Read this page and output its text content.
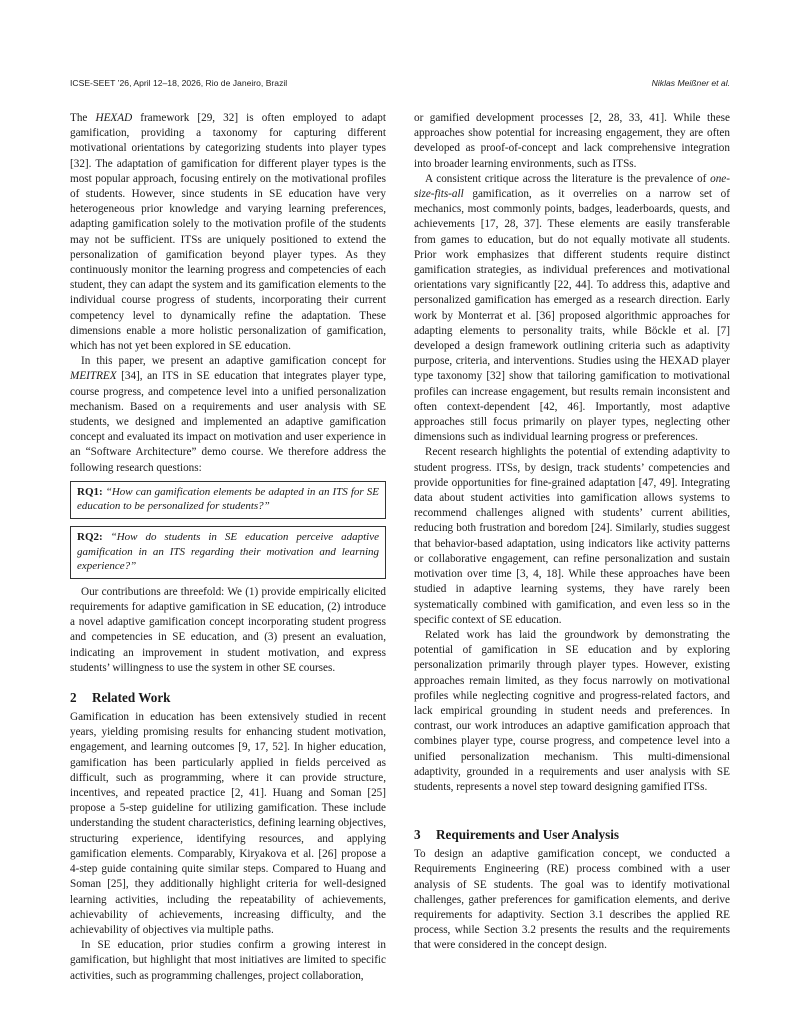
ICSE-SEET ’26, April 12–18, 2026, Rio de Janeiro, Brazil	Niklas Meißner et al.

The HEXAD framework [29, 32] is often employed to adapt gamification, providing a taxonomy for capturing different motivational orientations by categorizing students into player types [32]. The adaptation of gamification for different player types is the most popular approach, focusing entirely on the motivational profiles of students. However, since students in SE education have very heterogeneous prior knowledge and varying learning preferences, adapting gamification solely to the motivation profile of the students may not be sufficient. ITSs are uniquely positioned to extend the personalization of gamification beyond player types. As they continuously monitor the learning progress and competencies of each student, they can adapt the system and its gamification elements to the individual course progress of students, incorporating their current competency level to dynamically refine the adaptation. These dimensions enable a more holistic personalization of gamification, which has not yet been explored in SE education.

In this paper, we present an adaptive gamification concept for MEITREX [34], an ITS in SE education that integrates player type, course progress, and competence level into a unified personalization mechanism. Based on a requirements and user analysis with SE students, we designed and implemented an adaptive gamification concept and evaluated its impact on motivation and user experience in an “Software Architecture” demo course. We therefore address the following research questions:

RQ1: “How can gamification elements be adapted in an ITS for SE education to be personalized for students?”
RQ2: “How do students in SE education perceive adaptive gamification in an ITS regarding their motivation and learning experience?”

Our contributions are threefold: We (1) provide empirically elicited requirements for adaptive gamification in SE education, (2) introduce a novel adaptive gamification concept incorporating student progress and competencies in SE education, and (3) present an evaluation, indicating an improvement in student motivation, and express students’ willingness to use the system in other SE courses.

2 Related Work

Gamification in education has been extensively studied in recent years, yielding promising results for enhancing student motivation, engagement, and learning outcomes [9, 17, 52]. In higher education, gamification has been particularly applied in fields perceived as difficult, such as programming, where it can provide structure, incentives, and repeated practice [2, 41]. Huang and Soman [25] propose a 5-step guideline for utilizing gamification. These include understanding the student characteristics, defining learning objectives, structuring experience, identifying resources, and applying gamification elements. Comparably, Kiryakova et al. [26] propose a 4-step guide containing quite similar steps. Compared to Huang and Soman [25], they additionally highlight criteria for well-designed learning activities, including the repeatability of achievements, achievability of achievements, increasing difficulty, and the achievability of objectives via multiple paths.

In SE education, prior studies confirm a growing interest in gamification, but highlight that most initiatives are limited to specific activities, such as programming challenges, project collaboration,

or gamified development processes [2, 28, 33, 41]. While these approaches show potential for increasing engagement, they are often developed as proof-of-concept and lack comprehensive integration into broader learning environments, such as ITSs.

A consistent critique across the literature is the prevalence of one-size-fits-all gamification, as it overrelies on a narrow set of mechanics, most commonly points, badges, leaderboards, quests, and achievements [17, 28, 37]. These elements are easily transferable from games to education, but do not equally motivate all students. Prior work emphasizes that different students require distinct gamification strategies, as individual preferences and motivational orientations vary significantly [22, 44]. To address this, adaptive and personalized gamification has emerged as a research direction. Early work by Monterrat et al. [36] proposed algorithmic approaches for adapting elements to personality traits, while Böckle et al. [7] developed a design framework outlining criteria such as adaptivity purpose, criteria, and interventions. Studies using the HEXAD player type taxonomy [32] show that tailoring gamification to motivational profiles can increase engagement, but results remain inconsistent and often context-dependent [42, 46]. Importantly, most adaptive approaches still focus primarily on player types, neglecting other dimensions such as individual learning progress or preferences.

Recent research highlights the potential of extending adaptivity to student progress. ITSs, by design, track students’ competencies and provide opportunities for fine-grained adaptation [47, 49]. Integrating data about student activities into gamification allows systems to recommend challenges aligned with students’ current abilities, reducing both frustration and boredom [24]. Similarly, studies suggest that behavior-based adaptation, using indicators like activity patterns or collaborative engagement, can refine personalization and sustain motivation over time [3, 4, 18]. While these approaches have been studied in adaptive learning systems, they have rarely been systematically combined with gamification, and even less so in the specific context of SE education.

Related work has laid the groundwork by demonstrating the potential of gamification in SE education and by exploring personalization primarily through player types. However, existing approaches remain limited, as they focus narrowly on motivational profiles while neglecting cognitive and progress-related factors, and lack empirical grounding in student needs and preferences. In contrast, our work introduces an adaptive gamification approach that combines player type, course progress, and competence level into a unified personalization mechanism. This multi-dimensional adaptivity, grounded in a requirements and user analysis with SE students, represents a novel step toward designing gamified ITSs.

3 Requirements and User Analysis

To design an adaptive gamification concept, we conducted a Requirements Engineering (RE) process combined with a user analysis of SE students. The goal was to identify motivational challenges, gather preferences for gamification elements, and derive requirements for adaptivity. Section 3.1 describes the applied RE process, while Section 3.2 presents the results and the requirements that were considered in the concept design.
